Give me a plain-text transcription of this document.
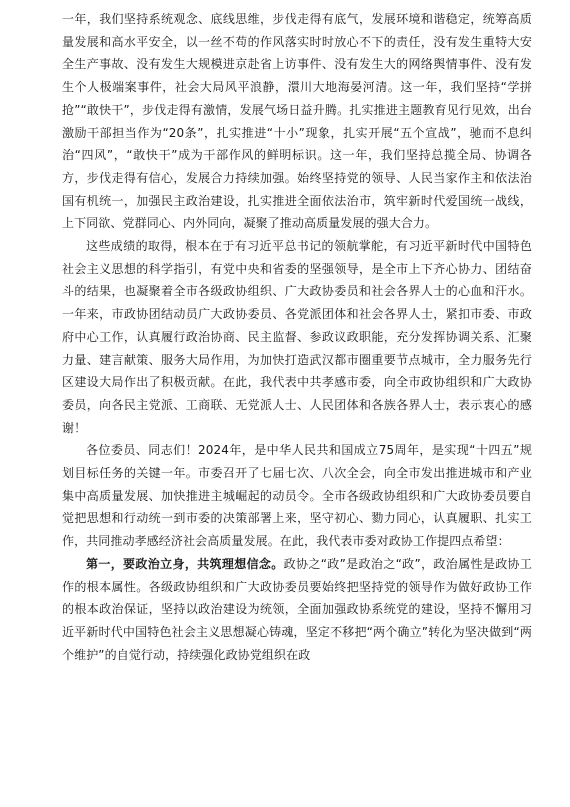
一年，我们坚持系统观念、底线思维，步伐走得有底气，发展环境和谐稳定，统筹高质量发展和高水平安全，以一丝不苟的作风落实时时放心不下的责任，没有发生重特大安全生产事故、没有发生大规模进京赴省上访事件、没有发生大的网络舆情事件、没有发生个人极端案事件，社会大局风平浪静，澴川大地海晏河清。这一年，我们坚持“学拼抢”“敢快干”，步伐走得有激情，发展气场日益升腾。扎实推进主题教育见行见效，出台激励干部担当作为“20条”，扎实推进“十小”现象，扎实开展“五个宣战”，驰而不息纠治“四风”，“敢快干”成为干部作风的鲜明标识。这一年，我们坚持总揽全局、协调各方，步伐走得有信心，发展合力持续加强。始终坚持党的领导、人民当家作主和依法治国有机统一，加强民主政治建设，扎实推进全面依法治市，筑牢新时代爱国统一战线，上下同欲、党群同心、内外同向，凝聚了推动高质量发展的强大合力。

这些成绩的取得，根本在于有习近平总书记的领航掌舵，有习近平新时代中国特色社会主义思想的科学指引，有党中央和省委的坚强领导，是全市上下齐心协力、团结奋斗的结果，也凝聚着全市各级政协组织、广大政协委员和社会各界人士的心血和汗水。一年来，市政协团结动员广大政协委员、各党派团体和社会各界人士，紧扣市委、市政府中心工作，认真履行政治协商、民主监督、参政议政职能，充分发挥协调关系、汇聚力量、建言献策、服务大局作用，为加快打造武汉都市圈重要节点城市，全力服务先行区建设大局作出了积极贡献。在此，我代表中共孝感市委，向全市政协组织和广大政协委员，向各民主党派、工商联、无党派人士、人民团体和各族各界人士，表示衷心的感谢！

各位委员、同志们！2024年，是中华人民共和国成立75周年，是实现“十四五”规划目标任务的关键一年。市委召开了七届七次、八次全会，向全市发出推进城市和产业集中高质量发展、加快推进主城崛起的动员令。全市各级政协组织和广大政协委员要自觉把思想和行动统一到市委的决策部署上来，坚守初心、勠力同心，认真履职、扎实工作，共同推动孝感经济社会高质量发展。在此，我代表市委对政协工作提四点希望：

第一，要政治立身，共筑理想信念。政协之“政”是政治之“政”，政治属性是政协工作的根本属性。各级政协组织和广大政协委员要始终把坚持党的领导作为做好政协工作的根本政治保证，坚持以政治建设为统领，全面加强政协系统党的建设，坚持不懈用习近平新时代中国特色社会主义思想凝心铸魂，坚定不移把“两个确立”转化为坚决做到“两个维护”的自觉行动，持续强化政协党组织在政
